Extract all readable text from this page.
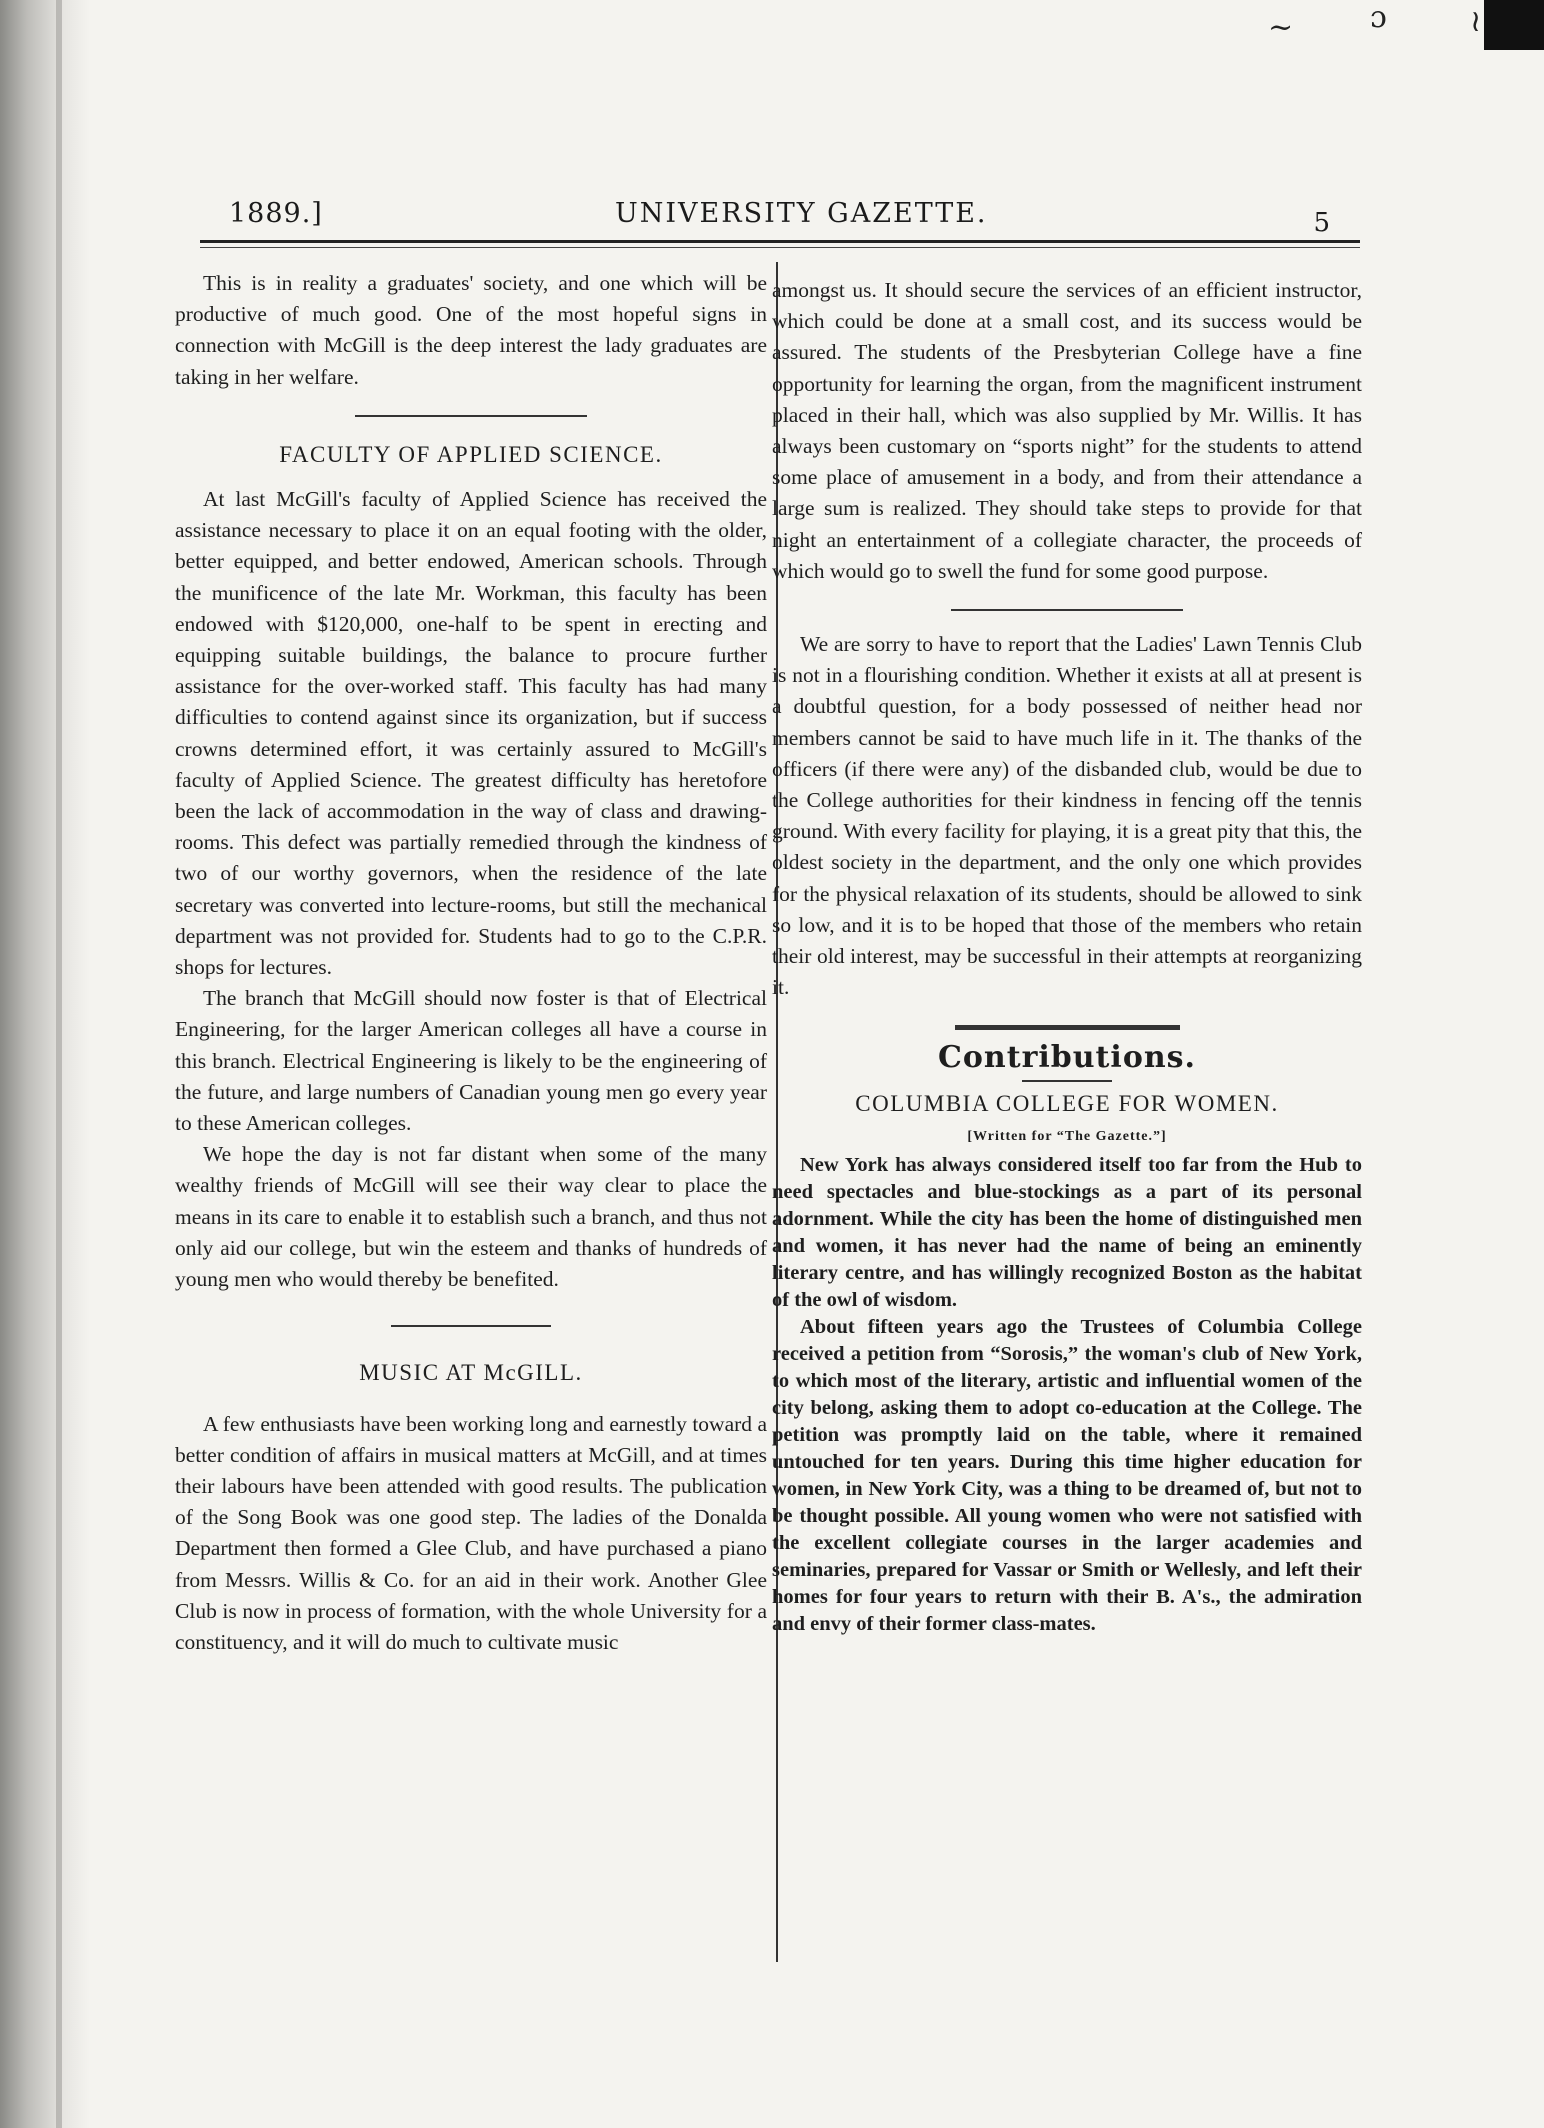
~	ɔ	≀
1889.]	UNIVERSITY GAZETTE.	5

This is in reality a graduates' society, and one which will be productive of much good. One of the most hopeful signs in connection with McGill is the deep interest the lady graduates are taking in her welfare.

FACULTY OF APPLIED SCIENCE.

At last McGill's faculty of Applied Science has received the assistance necessary to place it on an equal footing with the older, better equipped, and better endowed, American schools. Through the munificence of the late Mr. Workman, this faculty has been endowed with $120,000, one-half to be spent in erecting and equipping suitable buildings, the balance to procure further assistance for the over-worked staff. This faculty has had many difficulties to contend against since its organization, but if success crowns determined effort, it was certainly assured to McGill's faculty of Applied Science. The greatest difficulty has heretofore been the lack of accommodation in the way of class and drawing-rooms. This defect was partially remedied through the kindness of two of our worthy governors, when the residence of the late secretary was converted into lecture-rooms, but still the mechanical department was not provided for. Students had to go to the C.P.R. shops for lectures.

The branch that McGill should now foster is that of Electrical Engineering, for the larger American colleges all have a course in this branch. Electrical Engineering is likely to be the engineering of the future, and large numbers of Canadian young men go every year to these American colleges.

We hope the day is not far distant when some of the many wealthy friends of McGill will see their way clear to place the means in its care to enable it to establish such a branch, and thus not only aid our college, but win the esteem and thanks of hundreds of young men who would thereby be benefited.

MUSIC AT McGILL.

A few enthusiasts have been working long and earnestly toward a better condition of affairs in musical matters at McGill, and at times their labours have been attended with good results. The publication of the Song Book was one good step. The ladies of the Donalda Department then formed a Glee Club, and have purchased a piano from Messrs. Willis & Co. for an aid in their work. Another Glee Club is now in process of formation, with the whole University for a constituency, and it will do much to cultivate music

amongst us. It should secure the services of an efficient instructor, which could be done at a small cost, and its success would be assured. The students of the Presbyterian College have a fine opportunity for learning the organ, from the magnificent instrument placed in their hall, which was also supplied by Mr. Willis. It has always been customary on “sports night” for the students to attend some place of amusement in a body, and from their attendance a large sum is realized. They should take steps to provide for that night an entertainment of a collegiate character, the proceeds of which would go to swell the fund for some good purpose.

We are sorry to have to report that the Ladies' Lawn Tennis Club is not in a flourishing condition. Whether it exists at all at present is a doubtful question, for a body possessed of neither head nor members cannot be said to have much life in it. The thanks of the officers (if there were any) of the disbanded club, would be due to the College authorities for their kindness in fencing off the tennis ground. With every facility for playing, it is a great pity that this, the oldest society in the department, and the only one which provides for the physical relaxation of its students, should be allowed to sink so low, and it is to be hoped that those of the members who retain their old interest, may be successful in their attempts at reorganizing it.

Contributions.
COLUMBIA COLLEGE FOR WOMEN.
[Written for “The Gazette.”]

New York has always considered itself too far from the Hub to need spectacles and blue-stockings as a part of its personal adornment. While the city has been the home of distinguished men and women, it has never had the name of being an eminently literary centre, and has willingly recognized Boston as the habitat of the owl of wisdom.

About fifteen years ago the Trustees of Columbia College received a petition from “Sorosis,” the woman's club of New York, to which most of the literary, artistic and influential women of the city belong, asking them to adopt co-education at the College. The petition was promptly laid on the table, where it remained untouched for ten years. During this time higher education for women, in New York City, was a thing to be dreamed of, but not to be thought possible. All young women who were not satisfied with the excellent collegiate courses in the larger academies and seminaries, prepared for Vassar or Smith or Wellesly, and left their homes for four years to return with their B. A's., the admiration and envy of their former class-mates.
